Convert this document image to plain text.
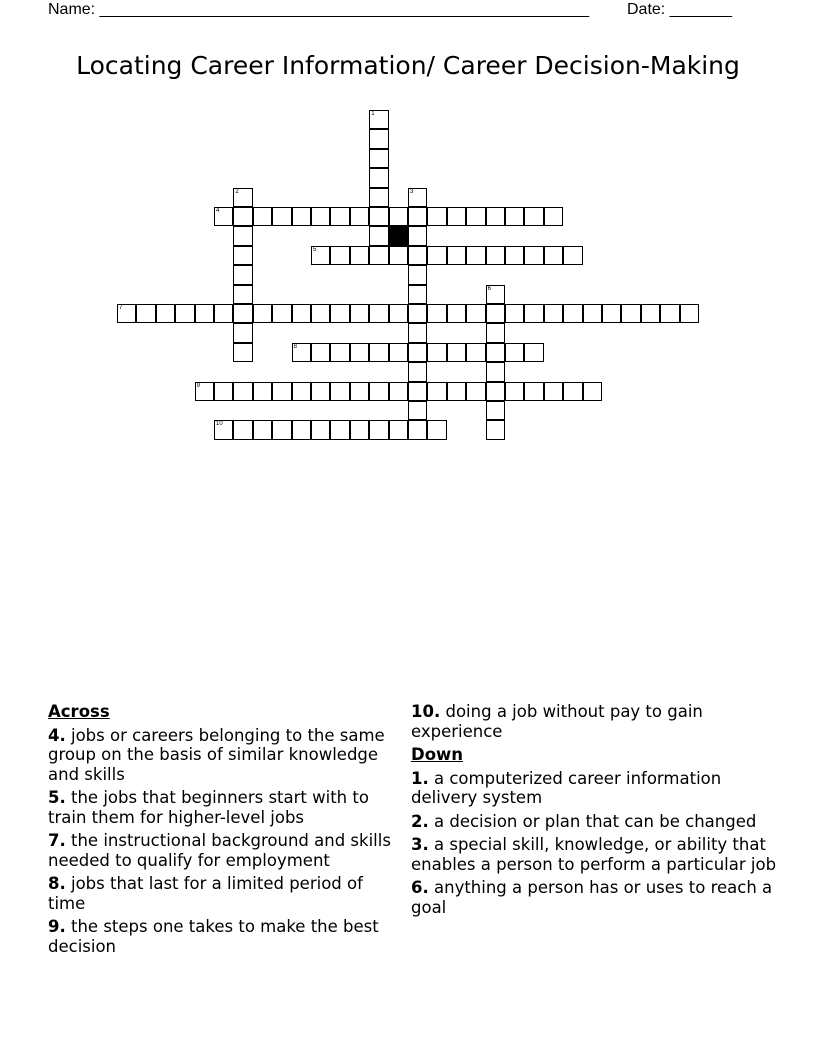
Name: _______________________________________________________ Date: _______
Locating Career Information/ Career Decision-Making
1
2	3
4
5
6
7
8
9
10
Across
4. jobs or careers belonging to the same group on the basis of similar knowledge and skills
5. the jobs that beginners start with to train them for higher-level jobs
7. the instructional background and skills needed to qualify for employment
8. jobs that last for a limited period of time
9. the steps one takes to make the best decision
10. doing a job without pay to gain experience
Down
1. a computerized career information delivery system
2. a decision or plan that can be changed
3. a special skill, knowledge, or ability that enables a person to perform a particular job
6. anything a person has or uses to reach a goal
